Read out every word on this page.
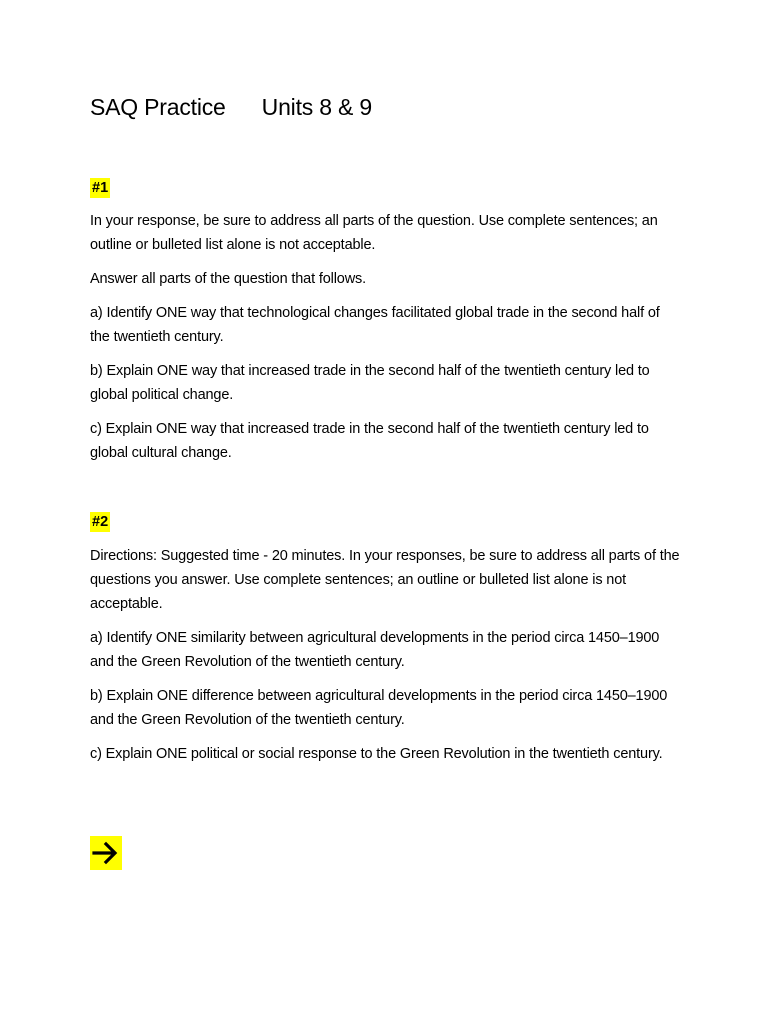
SAQ Practice Units 8 & 9
#1
In your response, be sure to address all parts of the question. Use complete sentences; an outline or bulleted list alone is not acceptable.
Answer all parts of the question that follows.
a) Identify ONE way that technological changes facilitated global trade in the second half of the twentieth century.
b) Explain ONE way that increased trade in the second half of the twentieth century led to global political change.
c) Explain ONE way that increased trade in the second half of the twentieth century led to global cultural change.
#2
Directions: Suggested time - 20 minutes. In your responses, be sure to address all parts of the questions you answer. Use complete sentences; an outline or bulleted list alone is not acceptable.
a) Identify ONE similarity between agricultural developments in the period circa 1450–1900 and the Green Revolution of the twentieth century.
b) Explain ONE difference between agricultural developments in the period circa 1450–1900 and the Green Revolution of the twentieth century.
c) Explain ONE political or social response to the Green Revolution in the twentieth century.
